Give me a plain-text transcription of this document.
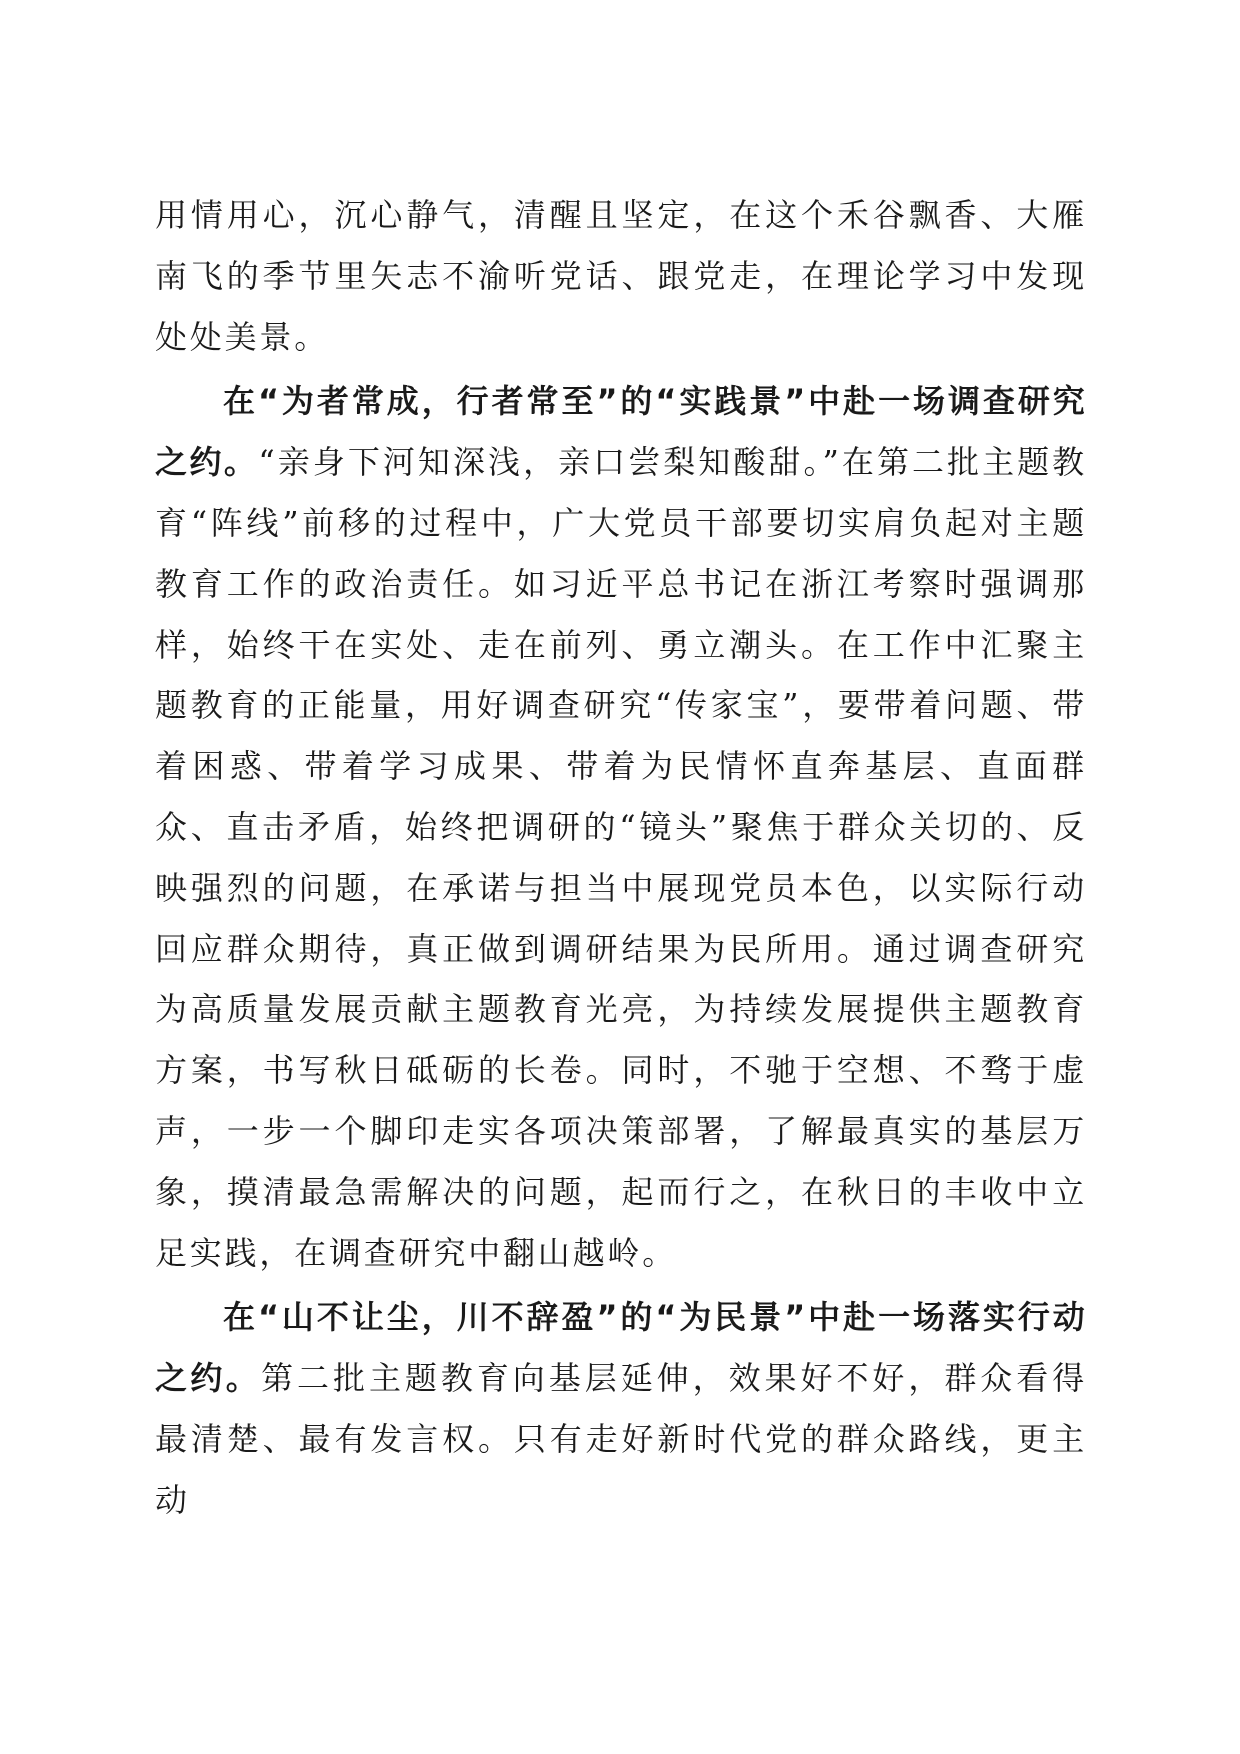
用情用心，沉心静气，清醒且坚定，在这个禾谷飘香、大雁南飞的季节里矢志不渝听党话、跟党走，在理论学习中发现处处美景。

在“为者常成，行者常至”的“实践景”中赴一场调查研究之约。“亲身下河知深浅，亲口尝梨知酸甜。”在第二批主题教育“阵线”前移的过程中，广大党员干部要切实肩负起对主题教育工作的政治责任。如习近平总书记在浙江考察时强调那样，始终干在实处、走在前列、勇立潮头。在工作中汇聚主题教育的正能量，用好调查研究“传家宝”，要带着问题、带着困惑、带着学习成果、带着为民情怀直奔基层、直面群众、直击矛盾，始终把调研的“镜头”聚焦于群众关切的、反映强烈的问题，在承诺与担当中展现党员本色，以实际行动回应群众期待，真正做到调研结果为民所用。通过调查研究为高质量发展贡献主题教育光亮，为持续发展提供主题教育方案，书写秋日砥砺的长卷。同时，不驰于空想、不骛于虚声，一步一个脚印走实各项决策部署，了解最真实的基层万象，摸清最急需解决的问题，起而行之，在秋日的丰收中立足实践，在调查研究中翻山越岭。

在“山不让尘，川不辞盈”的“为民景”中赴一场落实行动之约。第二批主题教育向基层延伸，效果好不好，群众看得最清楚、最有发言权。只有走好新时代党的群众路线，更主动
